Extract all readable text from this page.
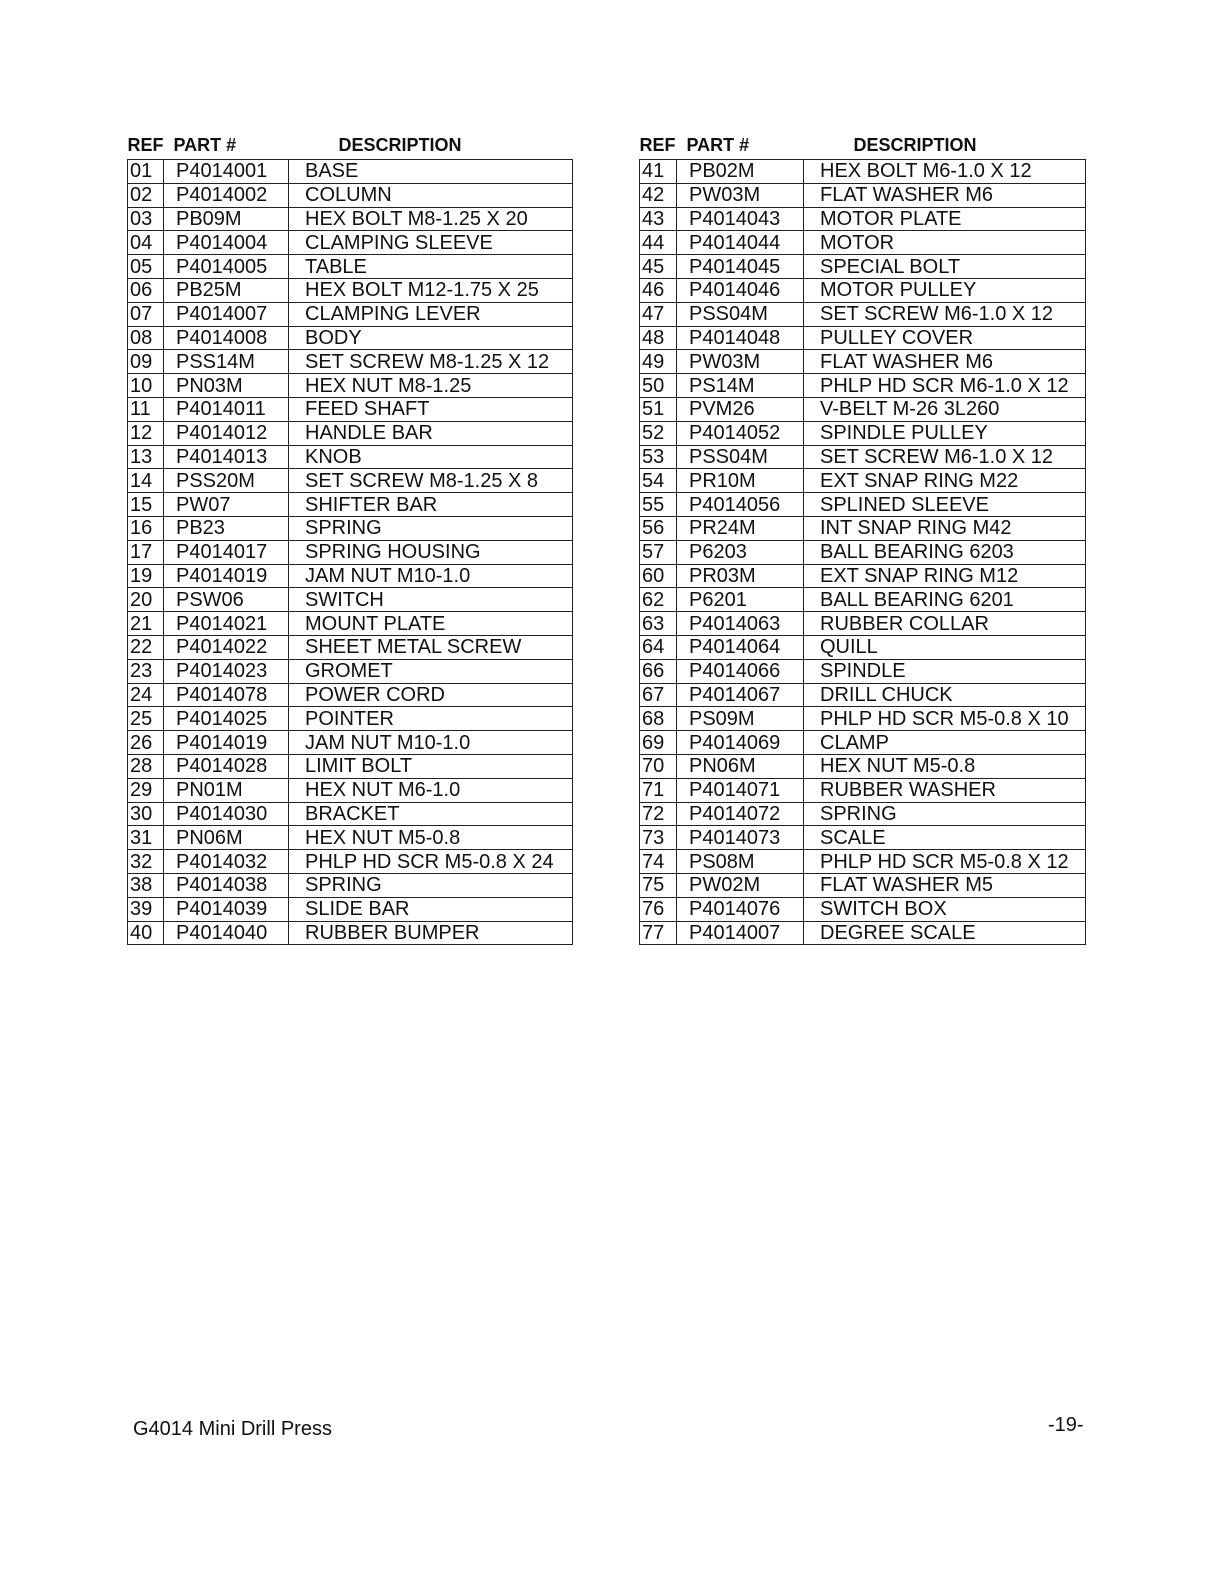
REF	PART #	DESCRIPTION
01	P4014001	BASE
02	P4014002	COLUMN
03	PB09M	HEX BOLT M8-1.25 X 20
04	P4014004	CLAMPING SLEEVE
05	P4014005	TABLE
06	PB25M	HEX BOLT M12-1.75 X 25
07	P4014007	CLAMPING LEVER
08	P4014008	BODY
09	PSS14M	SET SCREW M8-1.25 X 12
10	PN03M	HEX NUT M8-1.25
11	P4014011	FEED SHAFT
12	P4014012	HANDLE BAR
13	P4014013	KNOB
14	PSS20M	SET SCREW M8-1.25 X 8
15	PW07	SHIFTER BAR
16	PB23	SPRING
17	P4014017	SPRING HOUSING
19	P4014019	JAM NUT M10-1.0
20	PSW06	SWITCH
21	P4014021	MOUNT PLATE
22	P4014022	SHEET METAL SCREW
23	P4014023	GROMET
24	P4014078	POWER CORD
25	P4014025	POINTER
26	P4014019	JAM NUT M10-1.0
28	P4014028	LIMIT BOLT
29	PN01M	HEX NUT M6-1.0
30	P4014030	BRACKET
31	PN06M	HEX NUT M5-0.8
32	P4014032	PHLP HD SCR M5-0.8 X 24
38	P4014038	SPRING
39	P4014039	SLIDE BAR
40	P4014040	RUBBER BUMPER
REF	PART #	DESCRIPTION
41	PB02M	HEX BOLT M6-1.0 X 12
42	PW03M	FLAT WASHER M6
43	P4014043	MOTOR PLATE
44	P4014044	MOTOR
45	P4014045	SPECIAL BOLT
46	P4014046	MOTOR PULLEY
47	PSS04M	SET SCREW M6-1.0 X 12
48	P4014048	PULLEY COVER
49	PW03M	FLAT WASHER M6
50	PS14M	PHLP HD SCR M6-1.0 X 12
51	PVM26	V-BELT M-26 3L260
52	P4014052	SPINDLE PULLEY
53	PSS04M	SET SCREW M6-1.0 X 12
54	PR10M	EXT SNAP RING M22
55	P4014056	SPLINED SLEEVE
56	PR24M	INT SNAP RING M42
57	P6203	BALL BEARING 6203
60	PR03M	EXT SNAP RING M12
62	P6201	BALL BEARING 6201
63	P4014063	RUBBER COLLAR
64	P4014064	QUILL
66	P4014066	SPINDLE
67	P4014067	DRILL CHUCK
68	PS09M	PHLP HD SCR M5-0.8 X 10
69	P4014069	CLAMP
70	PN06M	HEX NUT M5-0.8
71	P4014071	RUBBER WASHER
72	P4014072	SPRING
73	P4014073	SCALE
74	PS08M	PHLP HD SCR M5-0.8 X 12
75	PW02M	FLAT WASHER M5
76	P4014076	SWITCH BOX
77	P4014007	DEGREE SCALE
G4014 Mini Drill Press	-19-
